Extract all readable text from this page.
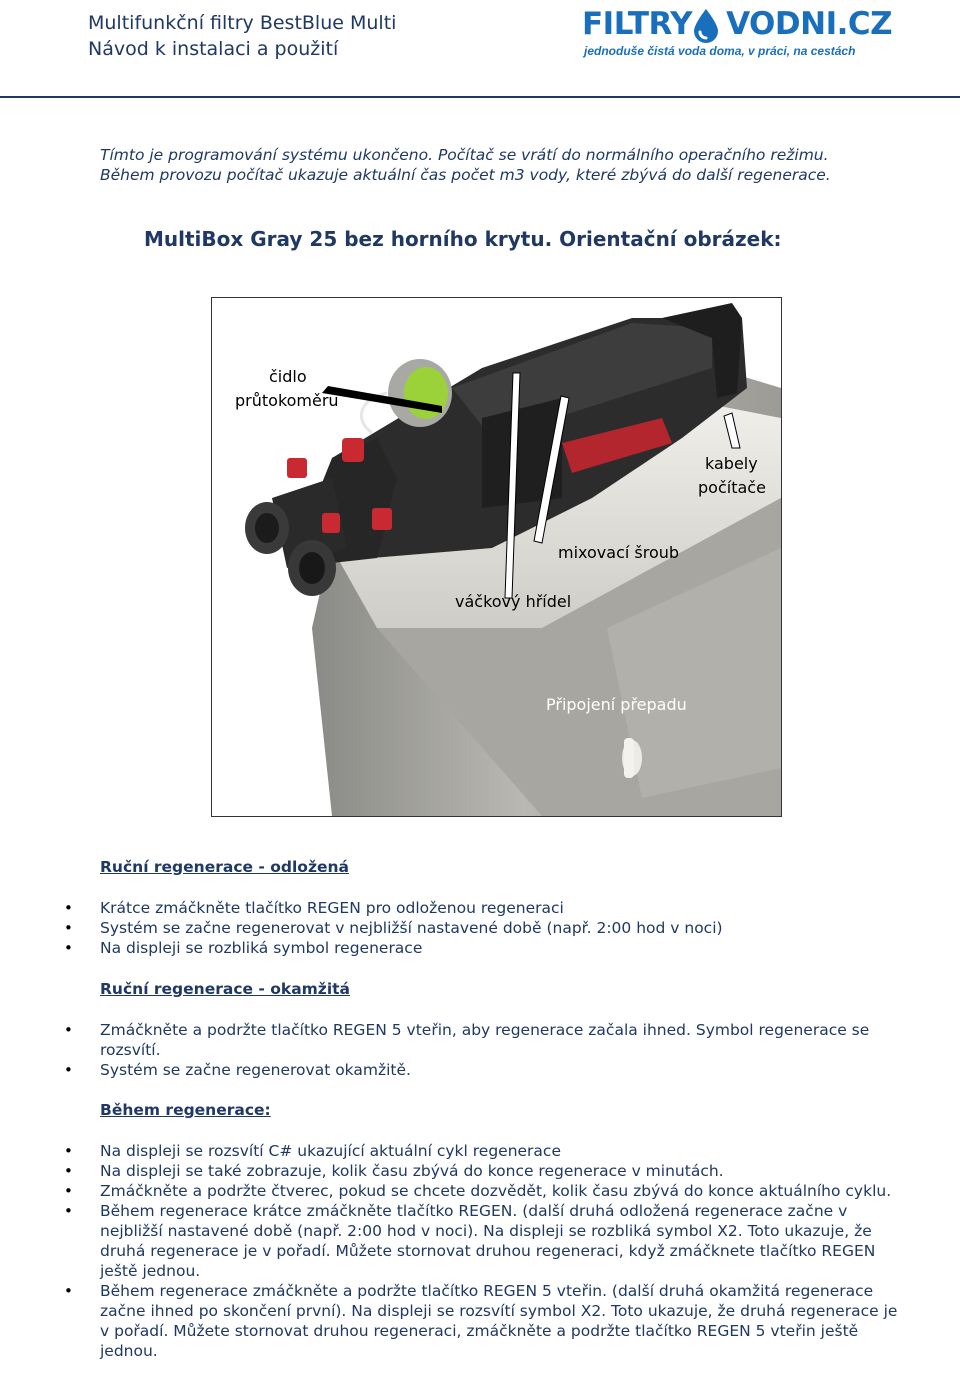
Multifunkční filtry BestBlue Multi
Návod k instalaci a použití
FILTRY VODNI.CZ
jednoduše čistá voda doma, v práci, na cestách
Tímto je programování systému ukončeno. Počítač se vrátí do normálního operačního režimu.
Během provozu počítač ukazuje aktuální čas počet m3 vody, které zbývá do další regenerace.
MultiBox Gray 25 bez horního krytu. Orientační obrázek:
čidlo
průtokoměru
kabely
počítače
mixovací šroub
váčkový hřídel
Připojení přepadu
Ruční regenerace - odložená
• Krátce zmáčkněte tlačítko REGEN pro odloženou regeneraci
• Systém se začne regenerovat v nejbližší nastavené době (např. 2:00 hod v noci)
• Na displeji se rozbliká symbol regenerace
Ruční regenerace - okamžitá
• Zmáčkněte a podržte tlačítko REGEN 5 vteřin, aby regenerace začala ihned. Symbol regenerace se rozsvítí.
• Systém se začne regenerovat okamžitě.
Během regenerace:
• Na displeji se rozsvítí C# ukazující aktuální cykl regenerace
• Na displeji se také zobrazuje, kolik času zbývá do konce regenerace v minutách.
• Zmáčkněte a podržte čtverec, pokud se chcete dozvědět, kolik času zbývá do konce aktuálního cyklu.
• Během regenerace krátce zmáčkněte tlačítko REGEN. (další druhá odložená regenerace začne v nejbližší nastavené době (např. 2:00 hod v noci). Na displeji se rozbliká symbol X2. Toto ukazuje, že druhá regenerace je v pořadí. Můžete stornovat druhou regeneraci, když zmáčknete tlačítko REGEN ještě jednou.
• Během regenerace zmáčkněte a podržte tlačítko REGEN 5 vteřin. (další druhá okamžitá regenerace začne ihned po skončení první). Na displeji se rozsvítí symbol X2. Toto ukazuje, že druhá regenerace je v pořadí. Můžete stornovat druhou regeneraci, zmáčkněte a podržte tlačítko REGEN 5 vteřin ještě jednou.
